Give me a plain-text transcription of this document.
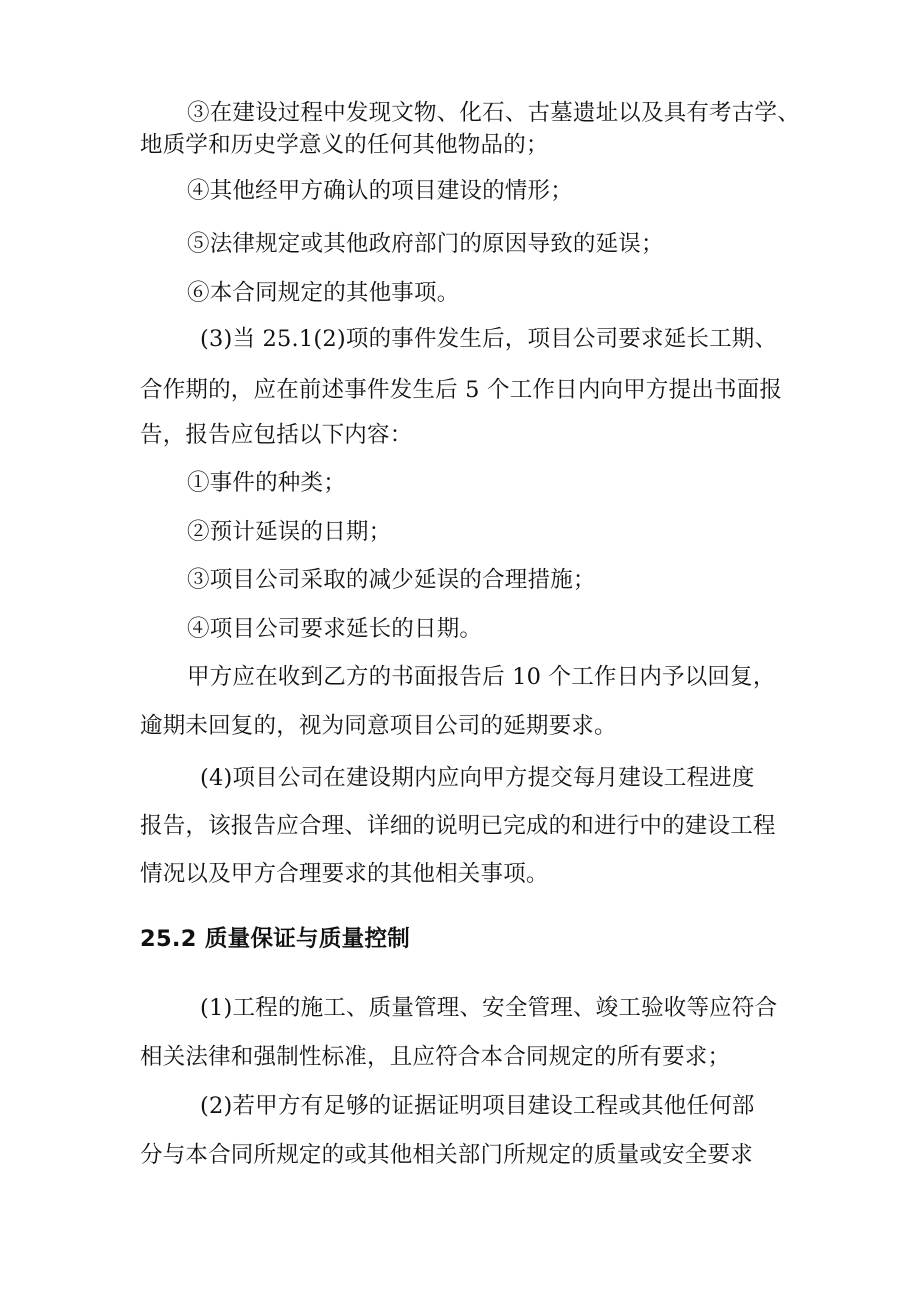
③在建设过程中发现文物、化石、古墓遗址以及具有考古学、
地质学和历史学意义的任何其他物品的；
④其他经甲方确认的项目建设的情形；
⑤法律规定或其他政府部门的原因导致的延误；
⑥本合同规定的其他事项。
(3)当 25.1(2)项的事件发生后，项目公司要求延长工期、
合作期的，应在前述事件发生后 5 个工作日内向甲方提出书面报
告，报告应包括以下内容：
①事件的种类；
②预计延误的日期；
③项目公司采取的减少延误的合理措施；
④项目公司要求延长的日期。
甲方应在收到乙方的书面报告后 10 个工作日内予以回复，
逾期未回复的，视为同意项目公司的延期要求。
(4)项目公司在建设期内应向甲方提交每月建设工程进度
报告，该报告应合理、详细的说明已完成的和进行中的建设工程
情况以及甲方合理要求的其他相关事项。
25.2 质量保证与质量控制
(1)工程的施工、质量管理、安全管理、竣工验收等应符合
相关法律和强制性标准，且应符合本合同规定的所有要求；
(2)若甲方有足够的证据证明项目建设工程或其他任何部
分与本合同所规定的或其他相关部门所规定的质量或安全要求
